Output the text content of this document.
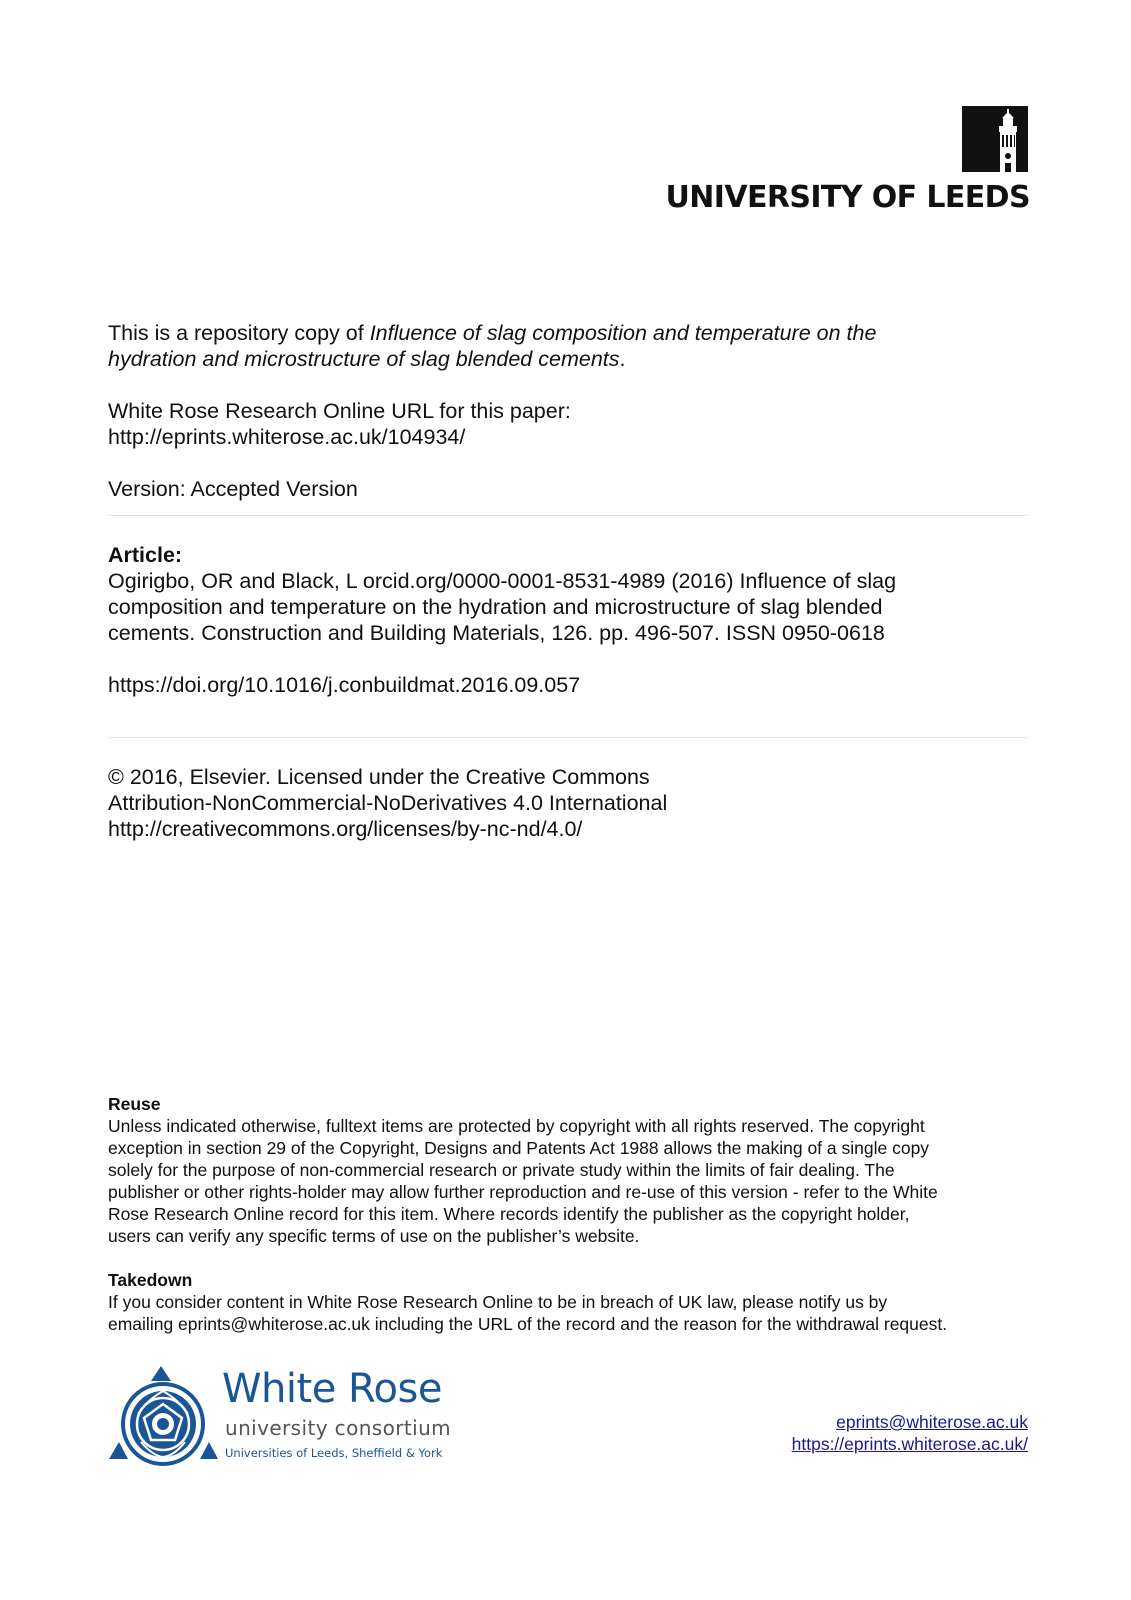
UNIVERSITY OF LEEDS

This is a repository copy of Influence of slag composition and temperature on the

hydration and microstructure of slag blended cements.

White Rose Research Online URL for this paper:

http://eprints.whiterose.ac.uk/104934/

Version: Accepted Version

Article:

Ogirigbo, OR and Black, L orcid.org/0000-0001-8531-4989 (2016) Influence of slag

composition and temperature on the hydration and microstructure of slag blended

cements. Construction and Building Materials, 126. pp. 496-507. ISSN 0950-0618

https://doi.org/10.1016/j.conbuildmat.2016.09.057

© 2016, Elsevier. Licensed under the Creative Commons

Attribution-NonCommercial-NoDerivatives 4.0 International

http://creativecommons.org/licenses/by-nc-nd/4.0/

Reuse

Unless indicated otherwise, fulltext items are protected by copyright with all rights reserved. The copyright

exception in section 29 of the Copyright, Designs and Patents Act 1988 allows the making of a single copy

solely for the purpose of non-commercial research or private study within the limits of fair dealing. The

publisher or other rights-holder may allow further reproduction and re-use of this version - refer to the White

Rose Research Online record for this item. Where records identify the publisher as the copyright holder,

users can verify any specific terms of use on the publisher’s website.

Takedown

If you consider content in White Rose Research Online to be in breach of UK law, please notify us by

emailing eprints@whiterose.ac.uk including the URL of the record and the reason for the withdrawal request.

White Rose
university consortium
Universities of Leeds, Sheffield & York
eprints@whiterose.ac.uk
https://eprints.whiterose.ac.uk/
